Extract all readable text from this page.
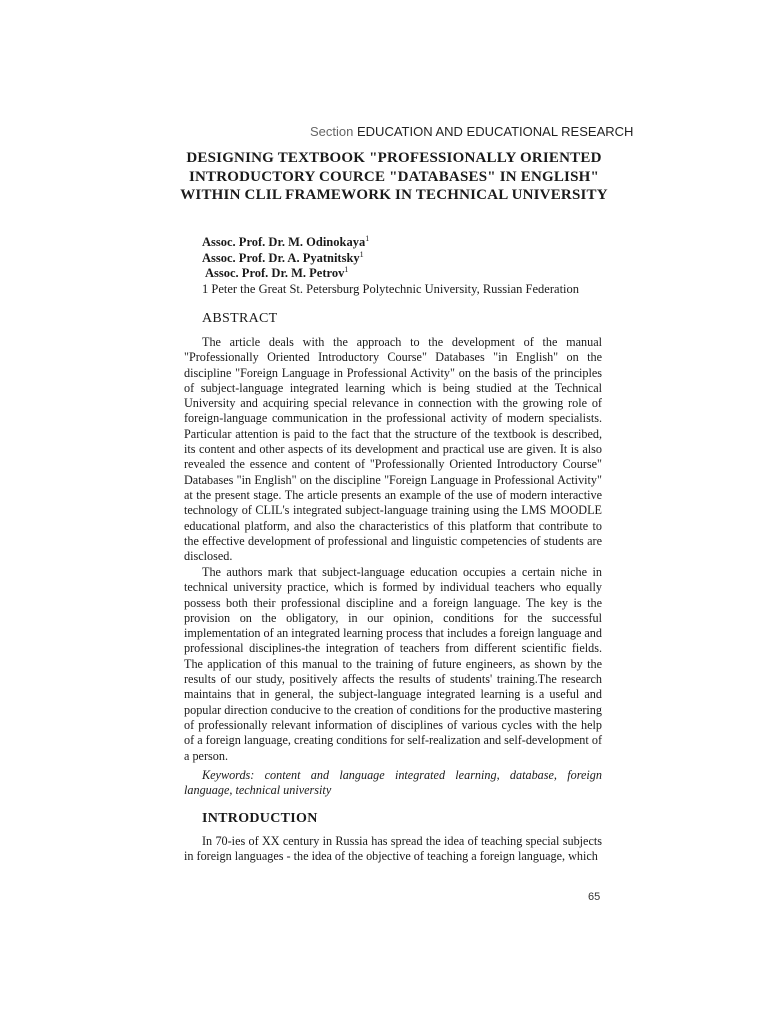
Section EDUCATION AND EDUCATIONAL RESEARCH
DESIGNING TEXTBOOK "PROFESSIONALLY ORIENTED INTRODUCTORY COURCE "DATABASES" IN ENGLISH" WITHIN CLIL FRAMEWORK IN TECHNICAL UNIVERSITY
Assoc. Prof. Dr. M. Odinokaya$^1$
Assoc. Prof. Dr. A. Pyatnitsky$^1$
Assoc. Prof. Dr. M. Petrov$^1$
1 Peter the Great St. Petersburg Polytechnic University, Russian Federation
ABSTRACT

The article deals with the approach to the development of the manual "Professionally Oriented Introductory Course" Databases "in English" on the discipline "Foreign Language in Professional Activity" on the basis of the principles of subject-language integrated learning which is being studied at the Technical University and acquiring special relevance in connection with the growing role of foreign-language communication in the professional activity of modern specialists. Particular attention is paid to the fact that the structure of the textbook is described, its content and other aspects of its development and practical use are given. It is also revealed the essence and content of "Professionally Oriented Introductory Course" Databases "in English" on the discipline "Foreign Language in Professional Activity" at the present stage. The article presents an example of the use of modern interactive technology of CLIL's integrated subject-language training using the LMS MOODLE educational platform, and also the characteristics of this platform that contribute to the effective development of professional and linguistic competencies of students are disclosed.

The authors mark that subject-language education occupies a certain niche in technical university practice, which is formed by individual teachers who equally possess both their professional discipline and a foreign language. The key is the provision on the obligatory, in our opinion, conditions for the successful implementation of an integrated learning process that includes a foreign language and professional disciplines-the integration of teachers from different scientific fields. The application of this manual to the training of future engineers, as shown by the results of our study, positively affects the results of students' training.The research maintains that in general, the subject-language integrated learning is a useful and popular direction conducive to the creation of conditions for the productive mastering of professionally relevant information of disciplines of various cycles with the help of a foreign language, creating conditions for self-realization and self-development of a person.

Keywords: content and language integrated learning, database, foreign language, technical university

INTRODUCTION

In 70-ies of XX century in Russia has spread the idea of teaching special subjects in foreign languages - the idea of the objective of teaching a foreign language, which

65
